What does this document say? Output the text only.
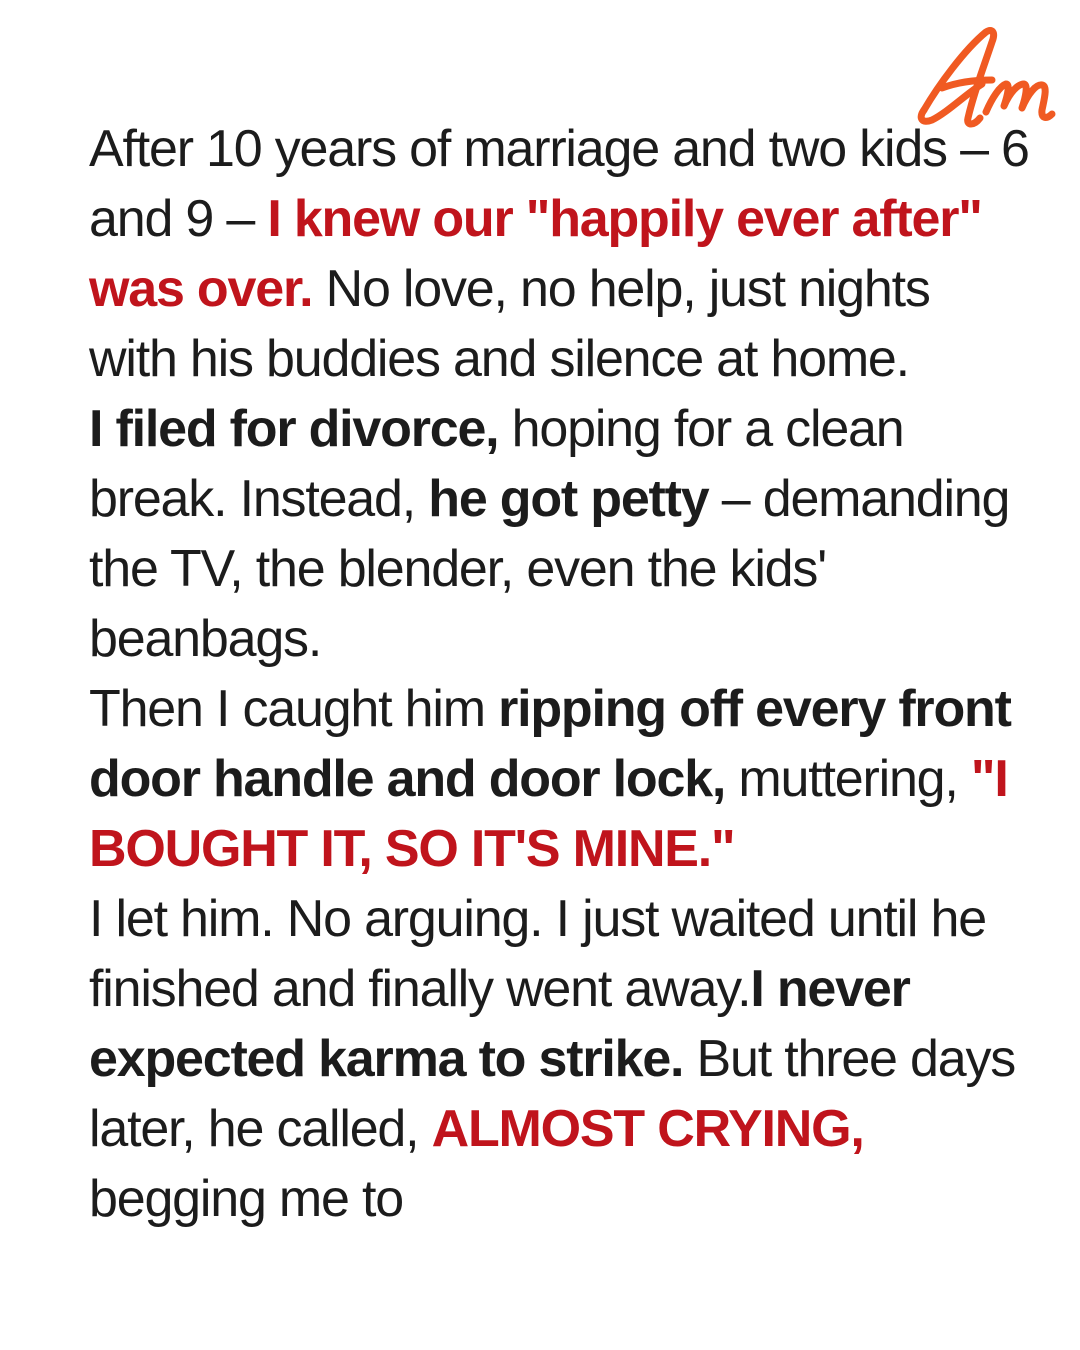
After 10 years of marriage and two kids – 6 and 9 – I knew our "happily ever after" was over. No love, no help, just nights with his buddies and silence at home.

I filed for divorce, hoping for a clean break. Instead, he got petty – demanding the TV, the blender, even the kids' beanbags.

Then I caught him ripping off every front door handle and door lock, muttering, "I BOUGHT IT, SO IT'S MINE."

I let him. No arguing. I just waited until he finished and finally went away.I never expected karma to strike. But three days later, he called, ALMOST CRYING, begging me to
